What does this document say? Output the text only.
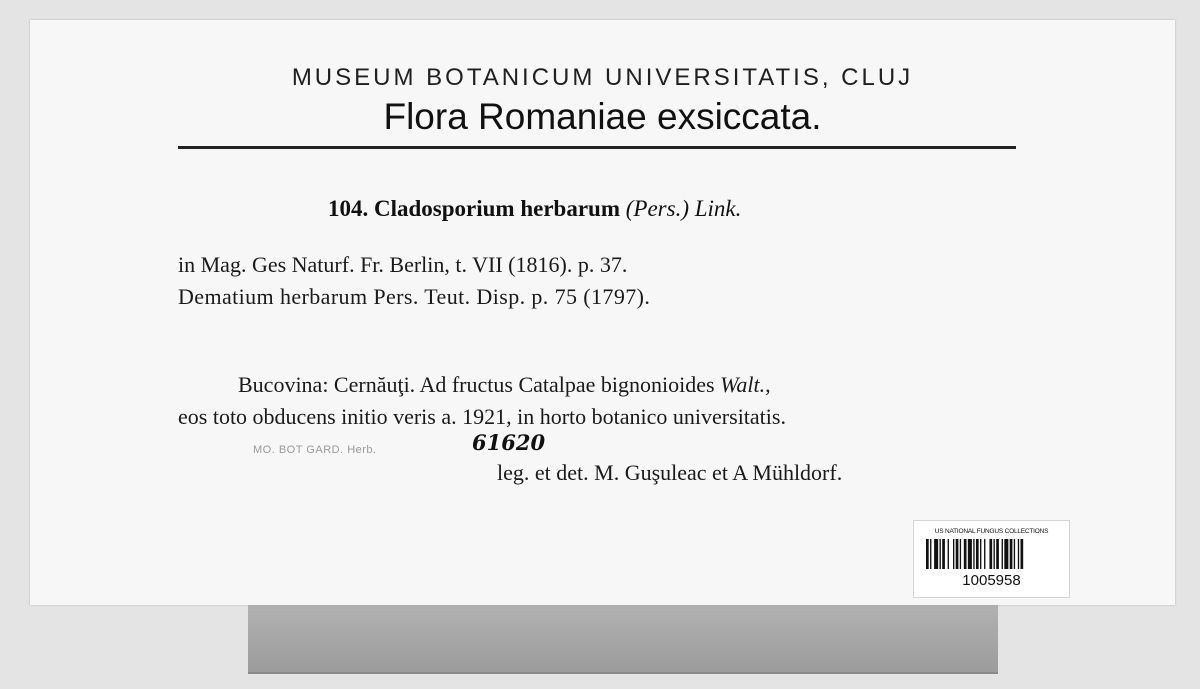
MUSEUM BOTANICUM UNIVERSITATIS, CLUJ
Flora Romaniae exsiccata.
104. Cladosporium herbarum (Pers.) Link.
in Mag. Ges Naturf. Fr. Berlin, t. VII (1816). p. 37.
Dematium herbarum Pers. Teut. Disp. p. 75 (1797).
Bucovina: Cernăuţi. Ad fructus Catalpae bignonioides Walt.,
eos toto obducens initio veris a. 1921, in horto botanico universitatis.
MO. BOT GARD. Herb.	61620
leg. et det. M. Guşuleac et A Mühldorf.
US NATIONAL FUNGUS COLLECTIONS
1005958
